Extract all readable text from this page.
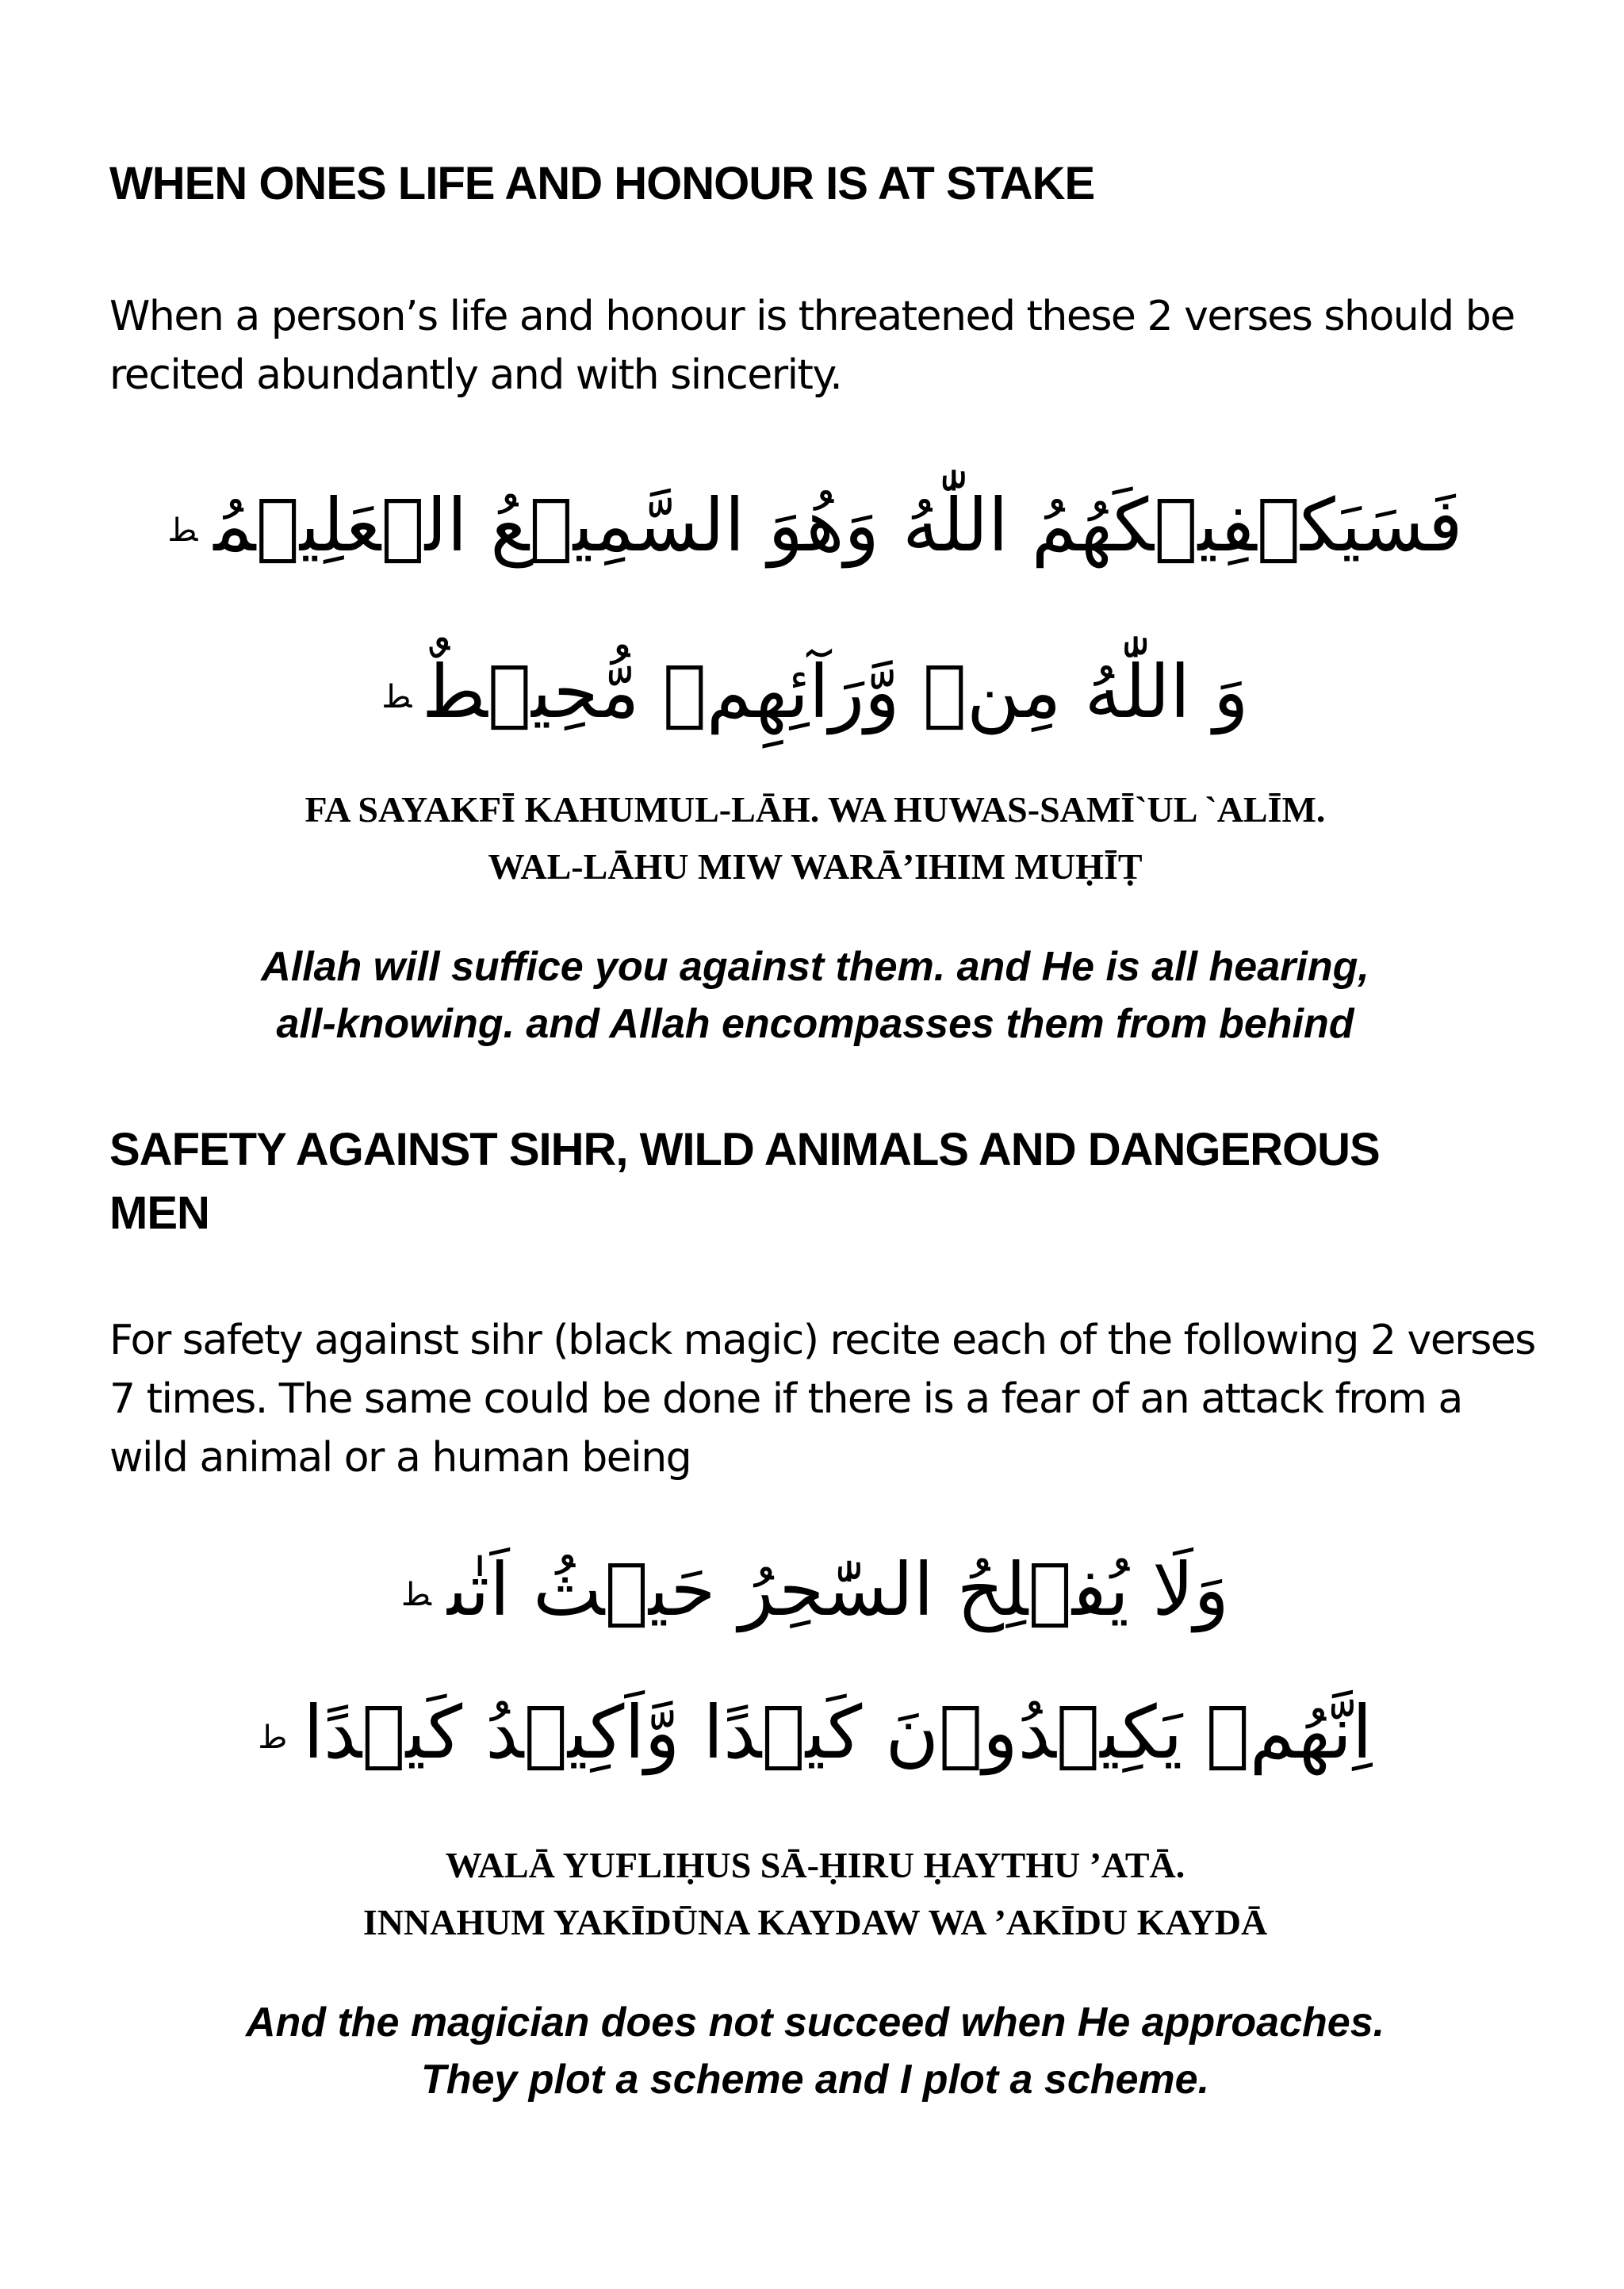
WHEN ONES LIFE AND HONOUR IS AT STAKE

When a person’s life and honour is threatened these 2 verses should be
recited abundantly and with sincerity.

فَسَيَكۡفِيۡكَهُمُ اللّٰهُ وَهُوَ السَّمِيۡعُ الۡعَلِيۡمُط
وَ اللّٰهُ مِنۡ وَّرَآئِهِمۡ مُّحِيۡطٌط
FA SAYAKFĪ KAHUMUL-LĀH. WA HUWAS-SAMĪ`UL `ALĪM.
WAL-LĀHU MIW WARĀ’IHIM MUḤĪṬ
Allah will suffice you against them. and He is all hearing,
all-knowing. and Allah encompasses them from behind
SAFETY AGAINST SIHR, WILD ANIMALS AND DANGEROUS
MEN

For safety against sihr (black magic) recite each of the following 2 verses
7 times. The same could be done if there is a fear of an attack from a
wild animal or a human being

وَلَا يُفۡلِحُ السّٰحِرُ حَيۡثُ اَتٰىط
اِنَّهُمۡ يَكِيۡدُوۡنَ كَيۡدًا وَّاَكِيۡدُ كَيۡدًاط
WALĀ YUFLIḤUS SĀ-ḤIRU ḤAYTHU ’ATĀ.
INNAHUM YAKĪDŪNA KAYDAW WA ’AKĪDU KAYDĀ
And the magician does not succeed when He approaches.
They plot a scheme and I plot a scheme.
